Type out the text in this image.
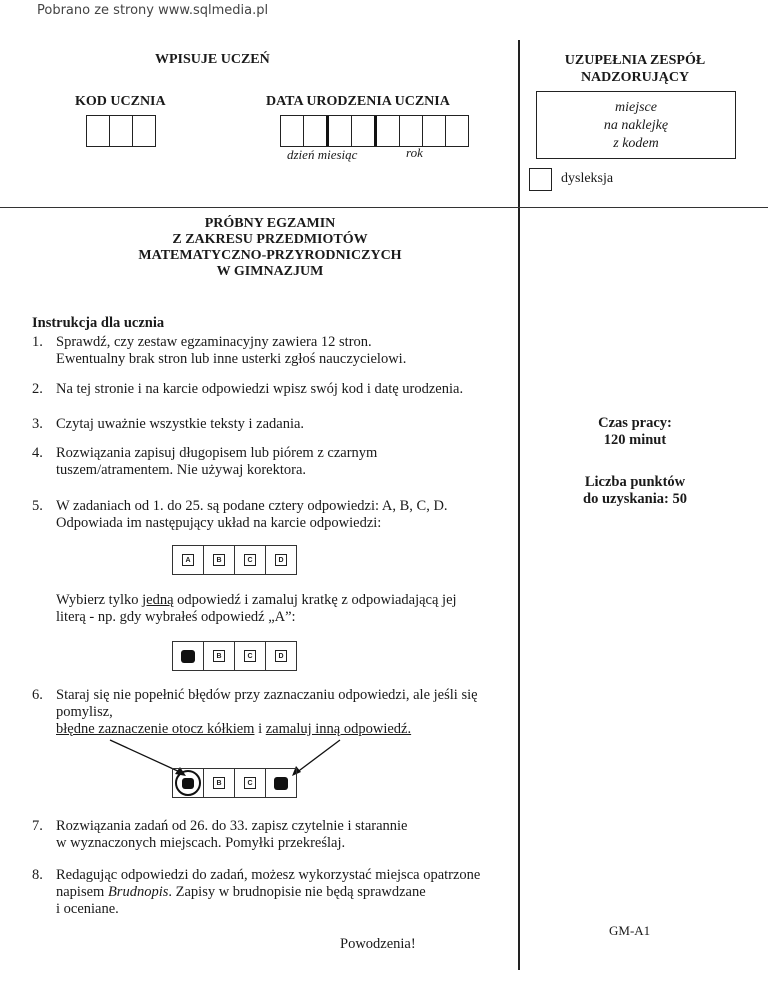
Pobrano ze strony www.sqlmedia.pl
WPISUJE UCZEŃ
KOD UCZNIA	DATA URODZENIA UCZNIA
dzień miesiąc	rok
UZUPEŁNIA ZESPÓŁ
NADZORUJĄCY
miejsce
na naklejkę
z kodem
dysleksja
PRÓBNY EGZAMIN
Z ZAKRESU PRZEDMIOTÓW
MATEMATYCZNO-PRZYRODNICZYCH
W GIMNAZJUM
Instrukcja dla ucznia
1. Sprawdź, czy zestaw egzaminacyjny zawiera 12 stron.
Ewentualny brak stron lub inne usterki zgłoś nauczycielowi.
2. Na tej stronie i na karcie odpowiedzi wpisz swój kod i datę urodzenia.
3. Czytaj uważnie wszystkie teksty i zadania.
4. Rozwiązania zapisuj długopisem lub piórem z czarnym
tuszem/atramentem. Nie używaj korektora.
5. W zadaniach od 1. do 25. są podane cztery odpowiedzi: A, B, C, D.
Odpowiada im następujący układ na karcie odpowiedzi:
A	B	C	D
Wybierz tylko jedną odpowiedź i zamaluj kratkę z odpowiadającą jej
literą - np. gdy wybrałeś odpowiedź „A”:
B	C	D
6. Staraj się nie popełnić błędów przy zaznaczaniu odpowiedzi, ale jeśli się
pomylisz,
błędne zaznaczenie otocz kółkiem i zamaluj inną odpowiedź.
B	C
7. Rozwiązania zadań od 26. do 33. zapisz czytelnie i starannie
w wyznaczonych miejscach. Pomyłki przekreślaj.
8. Redagując odpowiedzi do zadań, możesz wykorzystać miejsca opatrzone
napisem Brudnopis. Zapisy w brudnopisie nie będą sprawdzane
i oceniane.
Powodzenia!
Czas pracy:
120 minut
Liczba punktów
do uzyskania: 50
GM-A1
